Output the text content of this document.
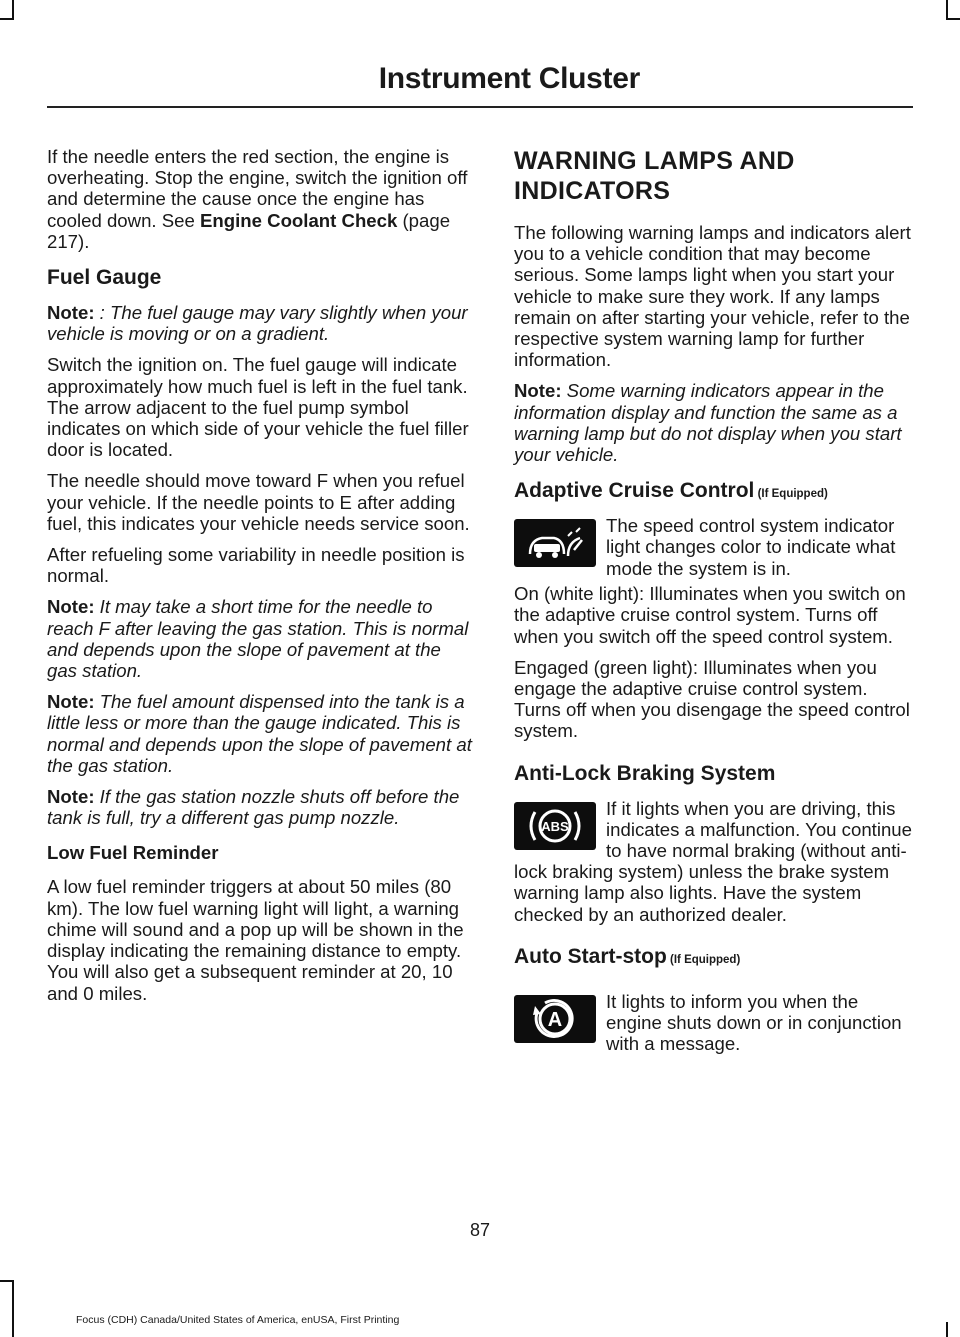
Instrument Cluster

If the needle enters the red section, the engine is overheating. Stop the engine, switch the ignition off and determine the cause once the engine has cooled down. See Engine Coolant Check (page 217).

Fuel Gauge

Note: : The fuel gauge may vary slightly when your vehicle is moving or on a gradient.

Switch the ignition on. The fuel gauge will indicate approximately how much fuel is left in the fuel tank. The arrow adjacent to the fuel pump symbol indicates on which side of your vehicle the fuel filler door is located.

The needle should move toward F when you refuel your vehicle. If the needle points to E after adding fuel, this indicates your vehicle needs service soon.

After refueling some variability in needle position is normal.

Note: It may take a short time for the needle to reach F after leaving the gas station. This is normal and depends upon the slope of pavement at the gas station.

Note: The fuel amount dispensed into the tank is a little less or more than the gauge indicated. This is normal and depends upon the slope of pavement at the gas station.

Note: If the gas station nozzle shuts off before the tank is full, try a different gas pump nozzle.

Low Fuel Reminder

A low fuel reminder triggers at about 50 miles (80 km). The low fuel warning light will light, a warning chime will sound and a pop up will be shown in the display indicating the remaining distance to empty. You will also get a subsequent reminder at 20, 10 and 0 miles.

WARNING LAMPS AND INDICATORS

The following warning lamps and indicators alert you to a vehicle condition that may become serious. Some lamps light when you start your vehicle to make sure they work. If any lamps remain on after starting your vehicle, refer to the respective system warning lamp for further information.

Note: Some warning indicators appear in the information display and function the same as a warning lamp but do not display when you start your vehicle.

Adaptive Cruise Control (If Equipped)

The speed control system indicator light changes color to indicate what mode the system is in.

On (white light): Illuminates when you switch on the adaptive cruise control system. Turns off when you switch off the speed control system.

Engaged (green light): Illuminates when you engage the adaptive cruise control system. Turns off when you disengage the speed control system.

Anti-Lock Braking System
ABS

If it lights when you are driving, this indicates a malfunction. You continue to have normal braking (without anti-lock braking system) unless the brake system warning lamp also lights. Have the system checked by an authorized dealer.

Auto Start-stop (If Equipped)
A

It lights to inform you when the engine shuts down or in conjunction with a message.

87
Focus (CDH) Canada/United States of America, enUSA, First Printing
